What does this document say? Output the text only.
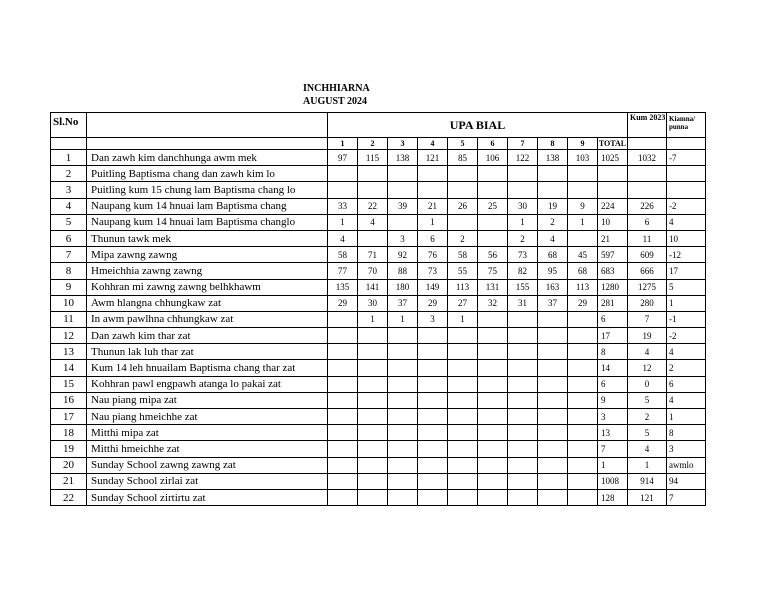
INCHHIARNA
AUGUST 2024
Sl.No		UPA BIAL										Kum 2023	Kiamna/ punna
		1	2	3	4	5	6	7	8	9	TOTAL		
1	Dan zawh kim danchhunga awm mek	97	115	138	121	85	106	122	138	103	1025	1032	-7
2	Puitling Baptisma chang dan zawh kim lo												
3	Puitling kum 15 chung lam Baptisma chang lo												
4	Naupang kum 14 hnuai lam Baptisma chang	33	22	39	21	26	25	30	19	9	224	226	-2
5	Naupang kum 14 hnuai lam Baptisma changlo	1	4		1			1	2	1	10	6	4
6	Thunun tawk mek	4		3	6	2		2	4		21	11	10
7	Mipa zawng zawng	58	71	92	76	58	56	73	68	45	597	609	-12
8	Hmeichhia zawng zawng	77	70	88	73	55	75	82	95	68	683	666	17
9	Kohhran mi zawng zawng belhkhawm	135	141	180	149	113	131	155	163	113	1280	1275	5
10	Awm hlangna chhungkaw zat	29	30	37	29	27	32	31	37	29	281	280	1
11	In awm pawlhna chhungkaw zat		1	1	3	1					6	7	-1
12	Dan zawh kim thar zat										17	19	-2
13	Thunun lak luh thar zat										8	4	4
14	Kum 14 leh hnuailam Baptisma chang thar zat										14	12	2
15	Kohhran pawl engpawh atanga lo pakai zat										6	0	6
16	Nau piang mipa zat										9	5	4
17	Nau piang hmeichhe zat										3	2	1
18	Mitthi mipa zat										13	5	8
19	Mitthi hmeichhe zat										7	4	3
20	Sunday School zawng zawng zat										1	1	awmlo
21	Sunday School zirlai zat										1008	914	94
22	Sunday School zirtirtu zat										128	121	7
